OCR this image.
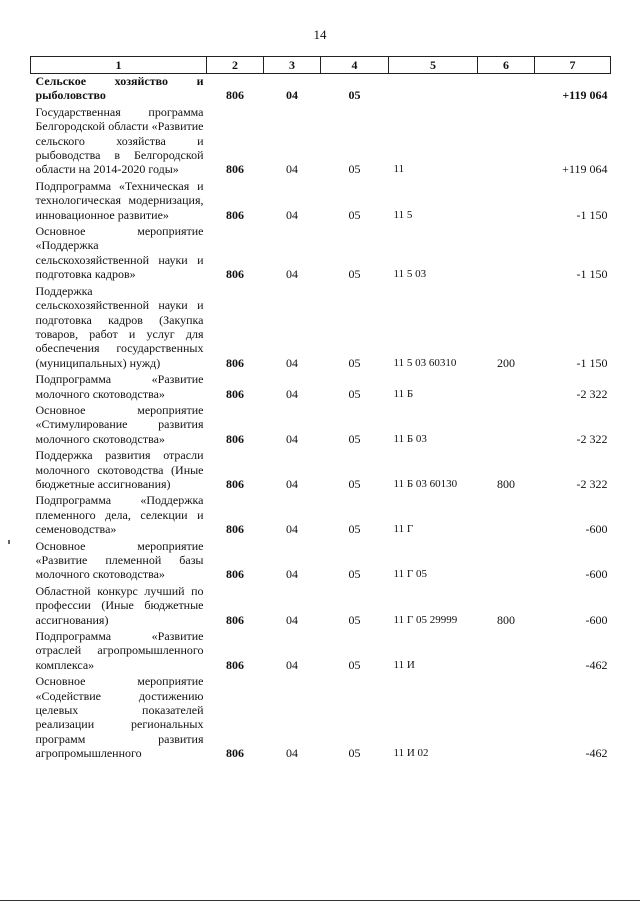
14
1	2	3	4	5	6	7
Сельское хозяйство и рыболовство	806	04	05			+119 064
Государственная программа Белгородской области «Развитие сельского хозяйства и рыбоводства в Белгородской области на 2014-2020 годы»	806	04	05	11		+119 064
Подпрограмма «Техническая и технологическая модернизация, инновационное развитие»	806	04	05	11 5		-1 150
Основное мероприятие «Поддержка сельскохозяйственной науки и подготовка кадров»	806	04	05	11 5 03		-1 150
Поддержка сельскохозяйственной науки и подготовка кадров (Закупка товаров, работ и услуг для обеспечения государственных (муниципальных) нужд)	806	04	05	11 5 03 60310	200	-1 150
Подпрограмма «Развитие молочного скотоводства»	806	04	05	11 Б		-2 322
Основное мероприятие «Стимулирование развития молочного скотоводства»	806	04	05	11 Б 03		-2 322
Поддержка развития отрасли молочного скотоводства (Иные бюджетные ассигнования)	806	04	05	11 Б 03 60130	800	-2 322
Подпрограмма «Поддержка племенного дела, селекции и семеноводства»	806	04	05	11 Г		-600
Основное мероприятие «Развитие племенной базы молочного скотоводства»	806	04	05	11 Г 05		-600
Областной конкурс лучший по профессии (Иные бюджетные ассигнования)	806	04	05	11 Г 05 29999	800	-600
Подпрограмма «Развитие отраслей агропромышленного комплекса»	806	04	05	11 И		-462
Основное мероприятие «Содействие достижению целевых показателей реализации региональных программ развития агропромышленного	806	04	05	11 И 02		-462
